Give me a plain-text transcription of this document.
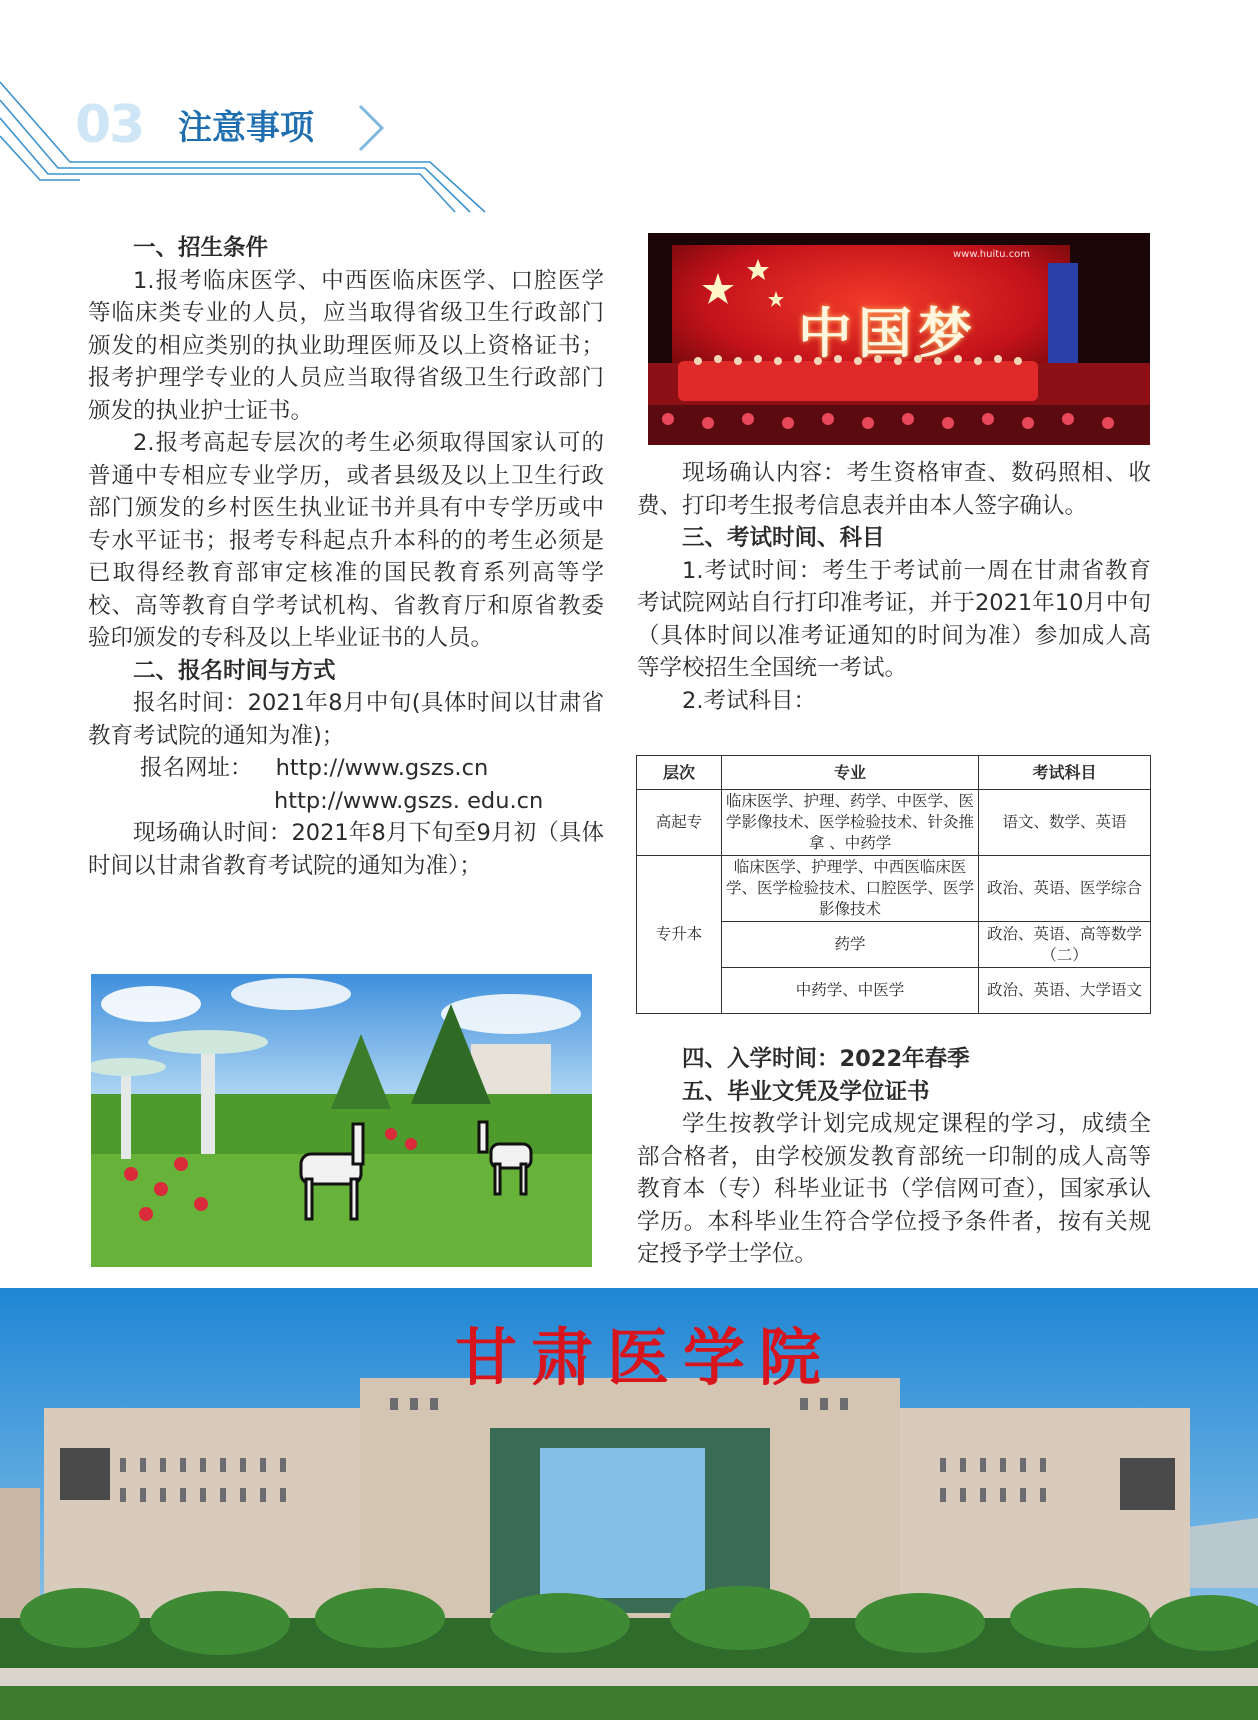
03	注意事项

一、招生条件

1.报考临床医学、中西医临床医学、口腔医学等临床类专业的人员，应当取得省级卫生行政部门颁发的相应类别的执业助理医师及以上资格证书；报考护理学专业的人员应当取得省级卫生行政部门颁发的执业护士证书。

2.报考高起专层次的考生必须取得国家认可的普通中专相应专业学历，或者县级及以上卫生行政部门颁发的乡村医生执业证书并具有中专学历或中专水平证书；报考专科起点升本科的的考生必须是已取得经教育部审定核准的国民教育系列高等学校、高等教育自学考试机构、省教育厅和原省教委验印颁发的专科及以上毕业证书的人员。

二、报名时间与方式

报名时间：2021年8月中旬(具体时间以甘肃省教育考试院的通知为准)；

报名网址： http://www.gszs.cn

http://www.gszs. edu.cn

现场确认时间：2021年8月下旬至9月初（具体时间以甘肃省教育考试院的通知为准）；

中国梦
www.huitu.com

现场确认内容：考生资格审查、数码照相、收费、打印考生报考信息表并由本人签字确认。

三、考试时间、科目

1.考试时间：考生于考试前一周在甘肃省教育考试院网站自行打印准考证，并于2021年10月中旬（具体时间以准考证通知的时间为准）参加成人高等学校招生全国统一考试。

2.考试科目：

层次	专业	考试科目
高起专	临床医学、护理、药学、中医学、医学影像技术、医学检验技术、针灸推拿 、中药学	语文、数学、英语
专升本	临床医学、护理学、中西医临床医学、医学检验技术、口腔医学、医学影像技术	政治、英语、医学综合
	药学	政治、英语、高等数学（二）
	中药学、中医学	政治、英语、大学语文

四、入学时间：2022年春季

五、毕业文凭及学位证书

学生按教学计划完成规定课程的学习，成绩全部合格者，由学校颁发教育部统一印制的成人高等教育本（专）科毕业证书（学信网可查），国家承认学历。本科毕业生符合学位授予条件者，按有关规定授予学士学位。

甘肃医学院
